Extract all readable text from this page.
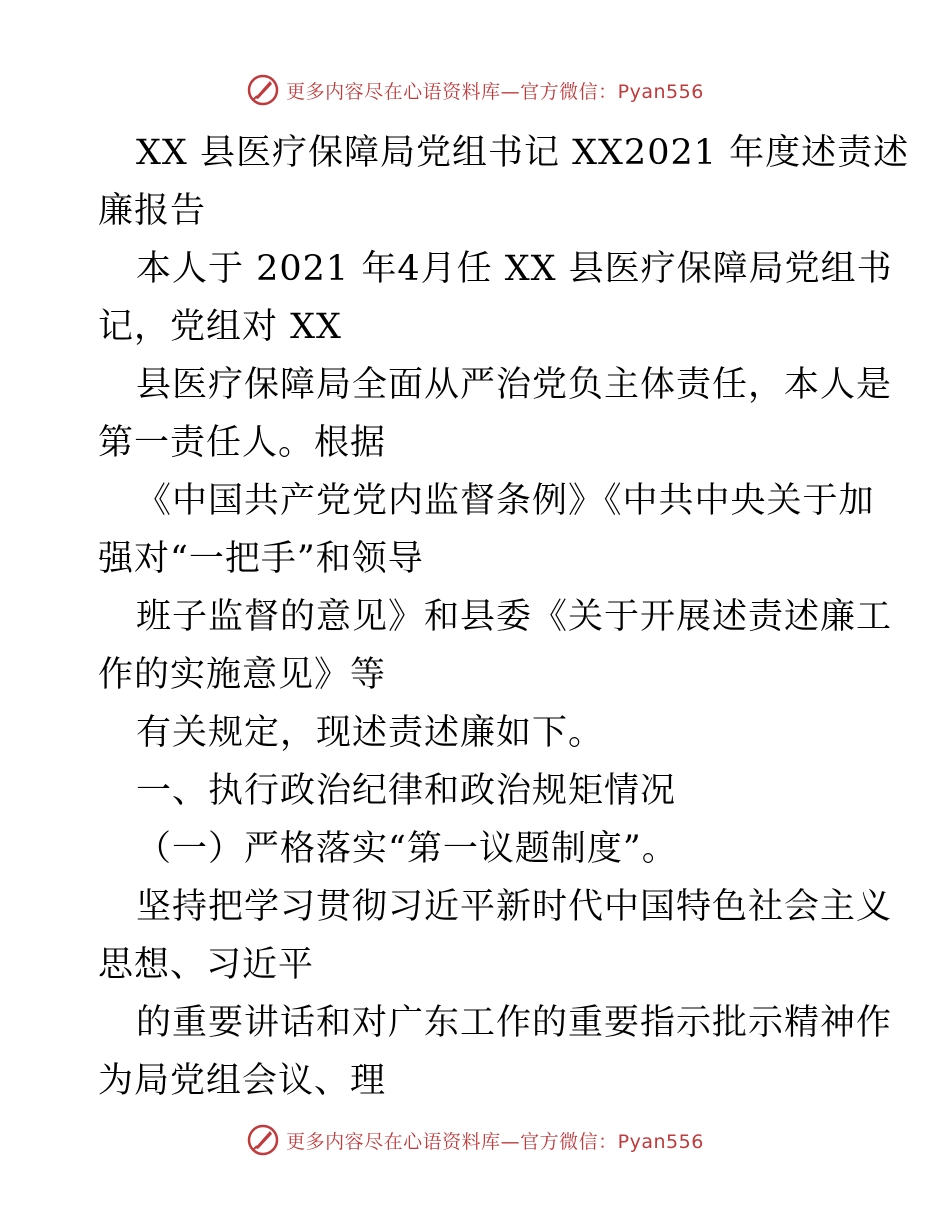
更多内容尽在心语资料库—官方微信：Pyan556
XX 县医疗保障局党组书记 XX2021 年度述责述
廉报告
本人于 2021 年4月任 XX 县医疗保障局党组书
记，党组对 XX
县医疗保障局全面从严治党负主体责任，本人是
第一责任人。根据
《中国共产党党内监督条例》《中共中央关于加
强对“一把手”和领导
班子监督的意见》和县委《关于开展述责述廉工
作的实施意见》等
有关规定，现述责述廉如下。
一、执行政治纪律和政治规矩情况
（一）严格落实“第一议题制度”。
坚持把学习贯彻习近平新时代中国特色社会主义
思想、习近平
的重要讲话和对广东工作的重要指示批示精神作
为局党组会议、理
更多内容尽在心语资料库—官方微信：Pyan556
